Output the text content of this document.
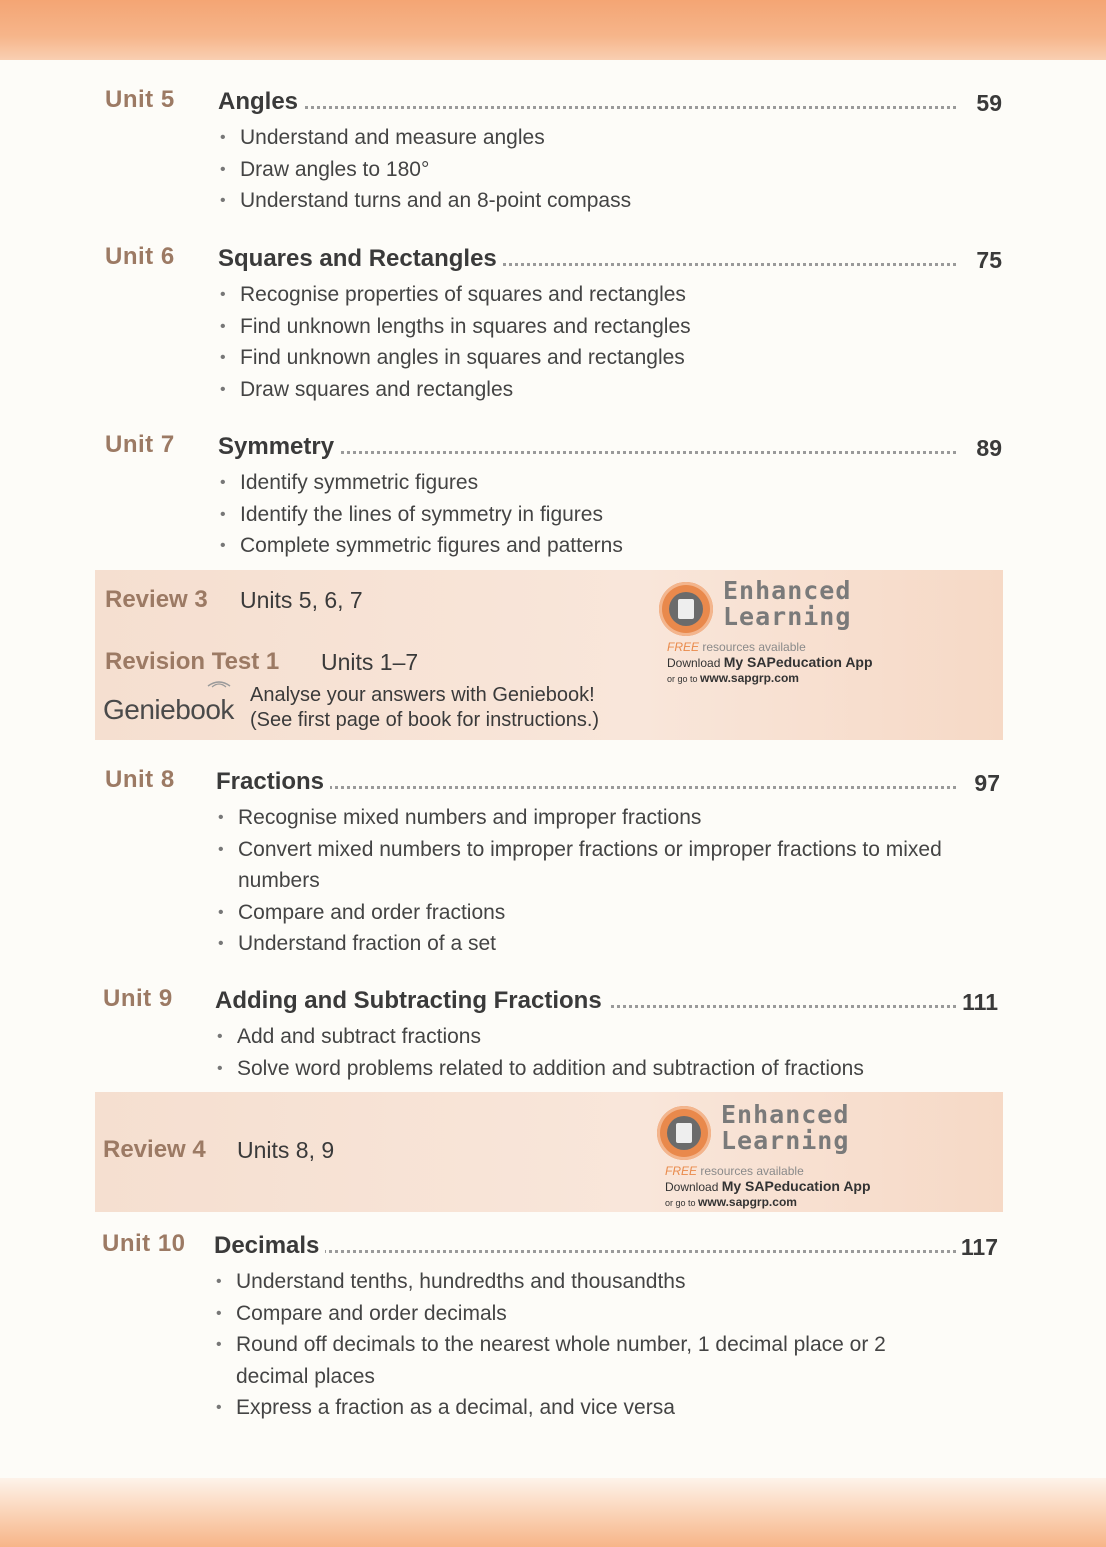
Unit 5 Angles	59
• Understand and measure angles
• Draw angles to 180°
• Understand turns and an 8-point compass
Unit 6 Squares and Rectangles	75
• Recognise properties of squares and rectangles
• Find unknown lengths in squares and rectangles
• Find unknown angles in squares and rectangles
• Draw squares and rectangles
Unit 7 Symmetry	89
• Identify symmetric figures
• Identify the lines of symmetry in figures
• Complete symmetric figures and patterns
Review 3 Units 5, 6, 7
Revision Test 1 Units 1–7
Geniebook Analyse your answers with Geniebook!
(See first page of book for instructions.)
Enhanced
Learning
FREE resources available
Download My SAPeducation App
or go to www.sapgrp.com
Unit 8 Fractions	97
• Recognise mixed numbers and improper fractions
• Convert mixed numbers to improper fractions or improper fractions to mixed numbers
• Compare and order fractions
• Understand fraction of a set
Unit 9 Adding and Subtracting Fractions	111
• Add and subtract fractions
• Solve word problems related to addition and subtraction of fractions
Review 4 Units 8, 9
Enhanced
Learning
FREE resources available
Download My SAPeducation App
or go to www.sapgrp.com
Unit 10 Decimals	117
• Understand tenths, hundredths and thousandths
• Compare and order decimals
• Round off decimals to the nearest whole number, 1 decimal place or 2 decimal places
• Express a fraction as a decimal, and vice versa
